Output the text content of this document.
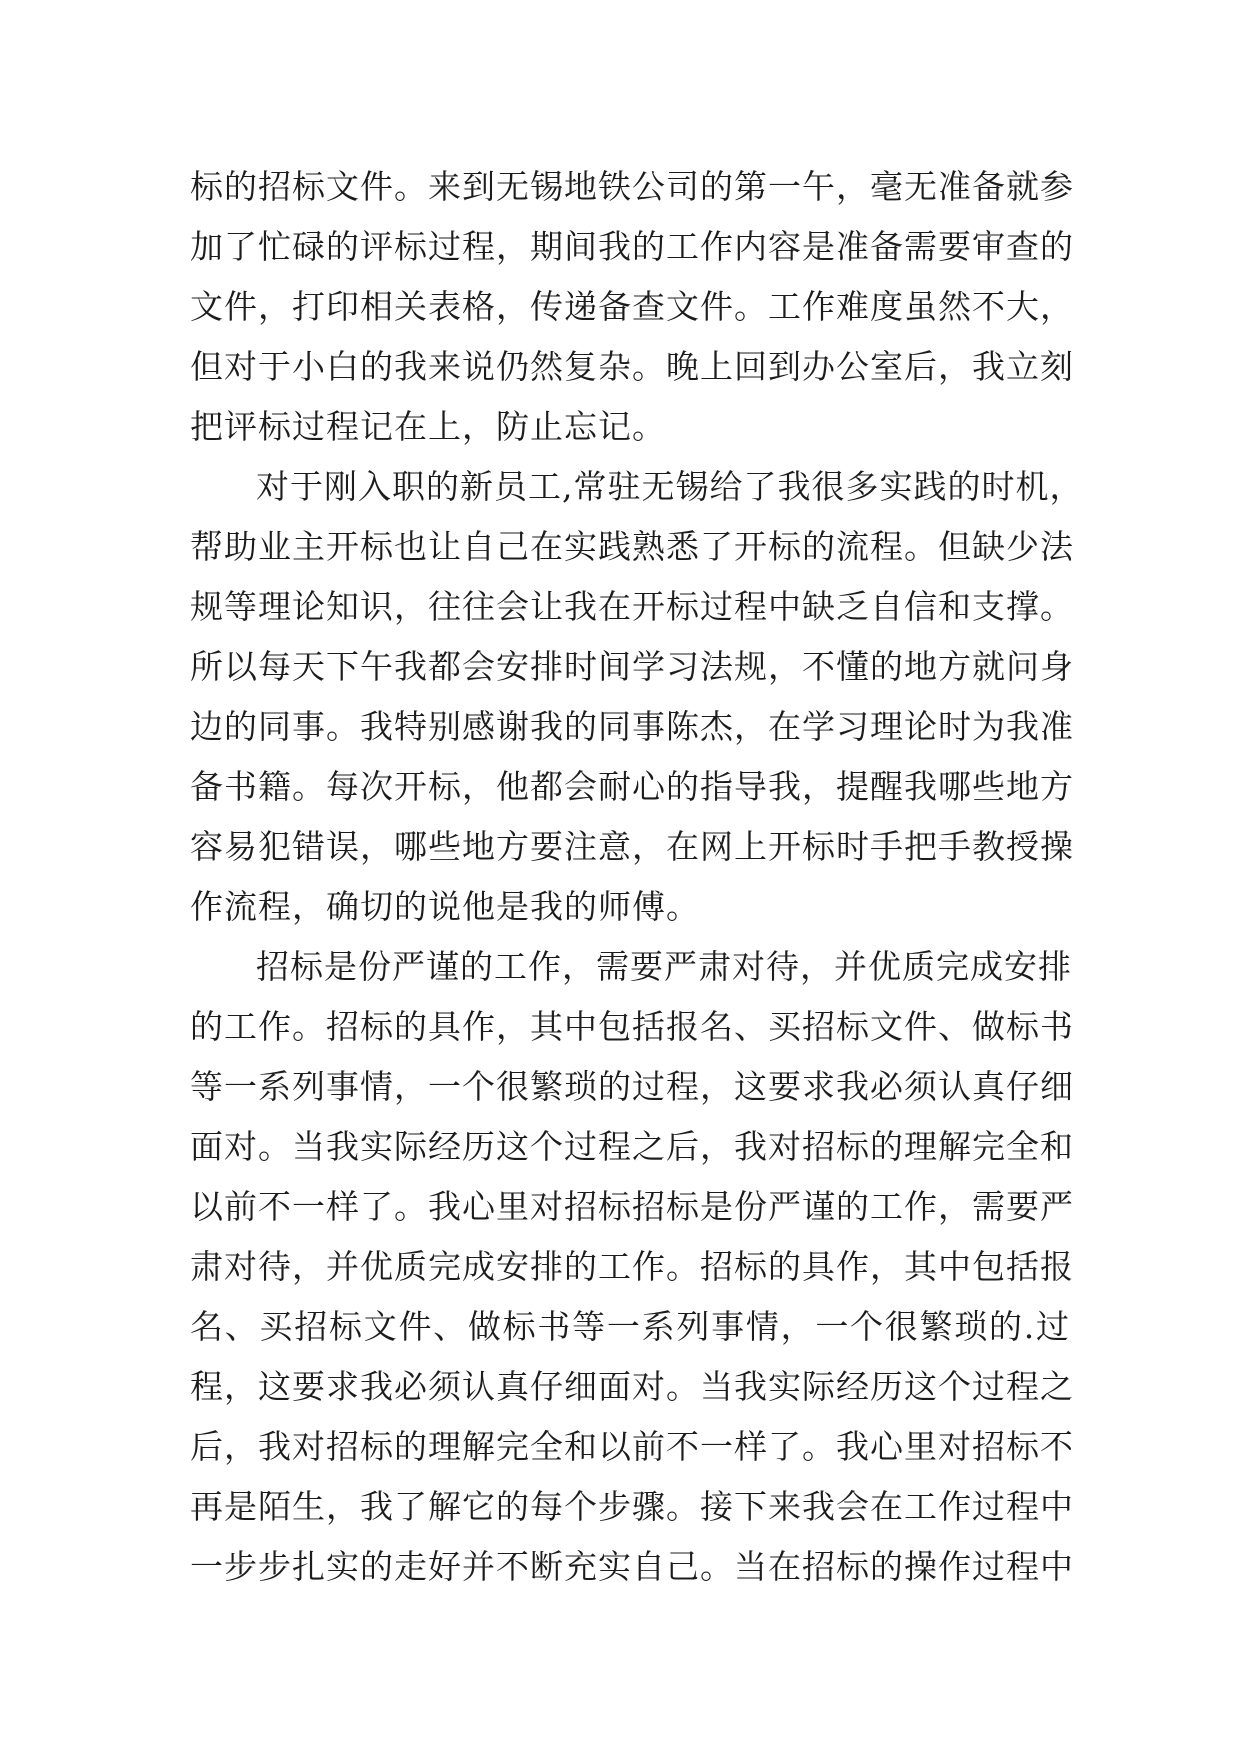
标的招标文件。来到无锡地铁公司的第一午，毫无准备就参
加了忙碌的评标过程，期间我的工作内容是准备需要审查的
文件，打印相关表格，传递备查文件。工作难度虽然不大，
但对于小白的我来说仍然复杂。晚上回到办公室后，我立刻
把评标过程记在上，防止忘记。
对于刚入职的新员工,常驻无锡给了我很多实践的时机，
帮助业主开标也让自己在实践熟悉了开标的流程。但缺少法
规等理论知识，往往会让我在开标过程中缺乏自信和支撑。
所以每天下午我都会安排时间学习法规，不懂的地方就问身
边的同事。我特别感谢我的同事陈杰，在学习理论时为我准
备书籍。每次开标，他都会耐心的指导我，提醒我哪些地方
容易犯错误，哪些地方要注意，在网上开标时手把手教授操
作流程，确切的说他是我的师傅。
招标是份严谨的工作，需要严肃对待，并优质完成安排
的工作。招标的具作，其中包括报名、买招标文件、做标书
等一系列事情，一个很繁琐的过程，这要求我必须认真仔细
面对。当我实际经历这个过程之后，我对招标的理解完全和
以前不一样了。我心里对招标招标是份严谨的工作，需要严
肃对待，并优质完成安排的工作。招标的具作，其中包括报
名、买招标文件、做标书等一系列事情，一个很繁琐的.过
程，这要求我必须认真仔细面对。当我实际经历这个过程之
后，我对招标的理解完全和以前不一样了。我心里对招标不
再是陌生，我了解它的每个步骤。接下来我会在工作过程中
一步步扎实的走好并不断充实自己。当在招标的操作过程中
